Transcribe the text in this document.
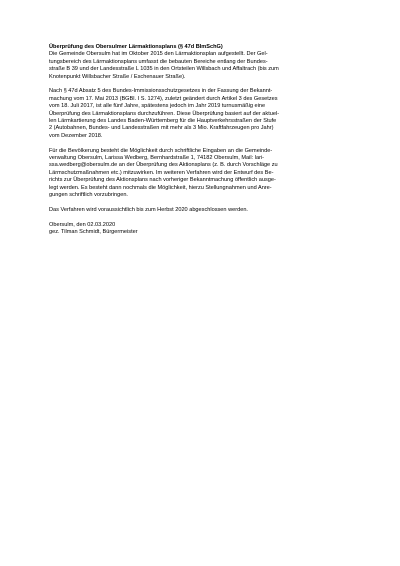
Überprüfung des Obersulmer Lärmaktionsplans (§ 47d BImSchG)

Die Gemeinde Obersulm hat im Oktober 2015 den Lärmaktionsplan aufgestellt. Der Gel-
tungsbereich des Lärmaktionsplans umfasst die bebauten Bereiche entlang der Bundes-
straße B 39 und der Landesstraße L 1035 in den Ortsteilen Willsbach und Affaltrach (bis zum
Knotenpunkt Willsbacher Straße / Eschenauer Straße).
Nach § 47d Absatz 5 des Bundes-Immissionsschutzgesetzes in der Fassung der Bekannt-
machung vom 17. Mai 2013 (BGBl. I S. 1274), zuletzt geändert durch Artikel 3 des Gesetzes
vom 18. Juli 2017, ist alle fünf Jahre, spätestens jedoch im Jahr 2019 turnusmäßig eine
Überprüfung des Lärmaktionsplans durchzuführen. Diese Überprüfung basiert auf der aktuel-
len Lärmkartierung des Landes Baden-Württemberg für die Hauptverkehrsstraßen der Stufe
2 (Autobahnen, Bundes- und Landesstraßen mit mehr als 3 Mio. Kraftfahrzeugen pro Jahr)
vom Dezember 2018.
Für die Bevölkerung besteht die Möglichkeit durch schriftliche Eingaben an die Gemeinde-
verwaltung Obersulm, Larissa Wedberg, Bernhardstraße 1, 74182 Obersulm, Mail: lari-
ssa.wedberg@obersulm.de an der Überprüfung des Aktionsplans (z. B. durch Vorschläge zu
Lärmschutzmaßnahmen etc.) mitzuwirken. Im weiteren Verfahren wird der Entwurf des Be-
richts zur Überprüfung des Aktionsplans nach vorheriger Bekanntmachung öffentlich ausge-
legt werden. Es besteht dann nochmals die Möglichkeit, hierzu Stellungnahmen und Anre-
gungen schriftlich vorzubringen.
Das Verfahren wird voraussichtlich bis zum Herbst 2020 abgeschlossen werden.
Obersulm, den 02.03.2020
gez. Tilman Schmidt, Bürgermeister
